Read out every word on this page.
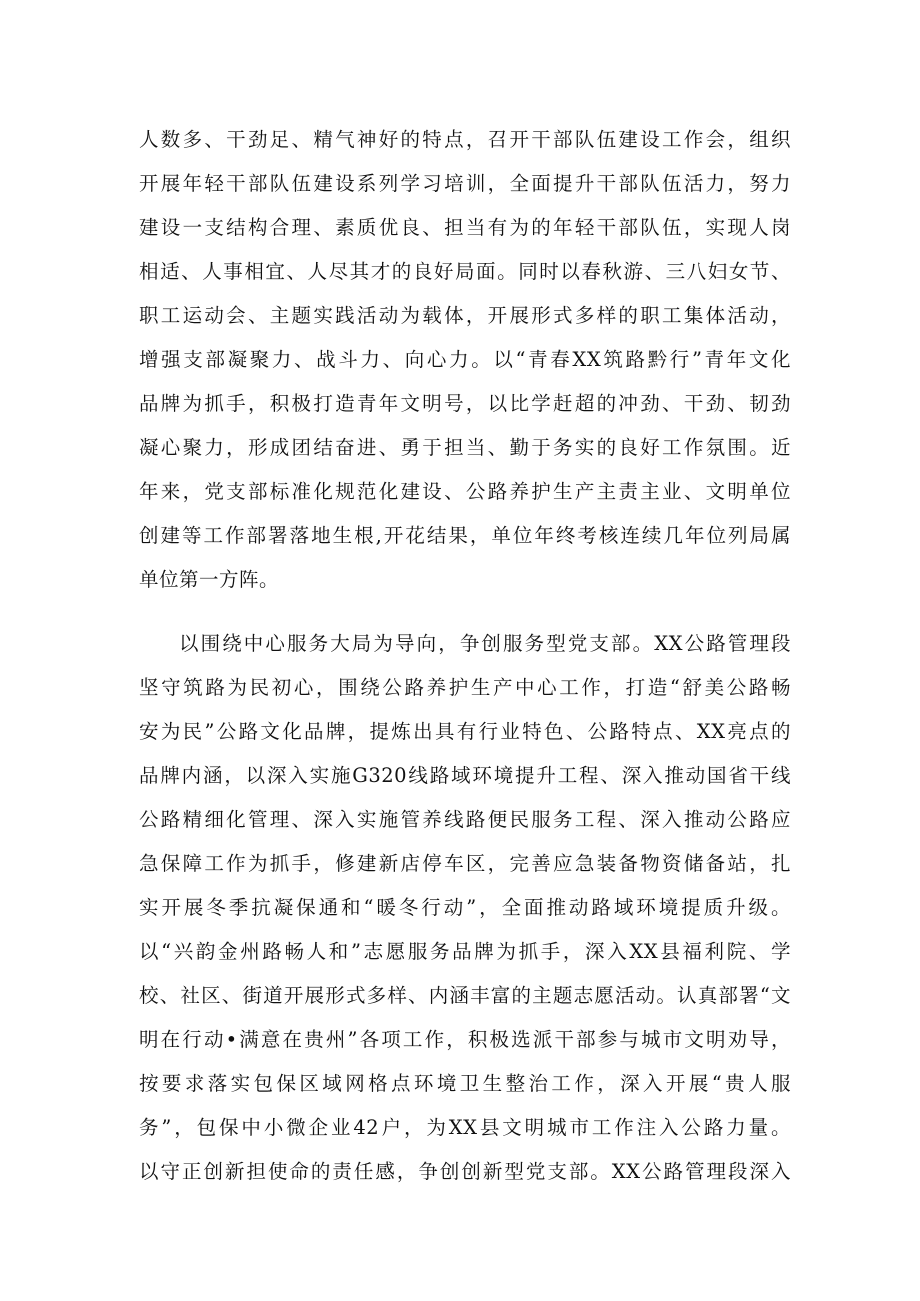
人数多、干劲足、精气神好的特点，召开干部队伍建设工作会，组织
开展年轻干部队伍建设系列学习培训，全面提升干部队伍活力，努力
建设一支结构合理、素质优良、担当有为的年轻干部队伍，实现人岗
相适、人事相宜、人尽其才的良好局面。同时以春秋游、三八妇女节、
职工运动会、主题实践活动为载体，开展形式多样的职工集体活动，
增强支部凝聚力、战斗力、向心力。以“青春XX筑路黔行”青年文化
品牌为抓手，积极打造青年文明号，以比学赶超的冲劲、干劲、韧劲
凝心聚力，形成团结奋进、勇于担当、勤于务实的良好工作氛围。近
年来，党支部标准化规范化建设、公路养护生产主责主业、文明单位
创建等工作部署落地生根,开花结果，单位年终考核连续几年位列局属
单位第一方阵。
以围绕中心服务大局为导向，争创服务型党支部。XX公路管理段
坚守筑路为民初心，围绕公路养护生产中心工作，打造“舒美公路畅
安为民”公路文化品牌，提炼出具有行业特色、公路特点、XX亮点的
品牌内涵，以深入实施G320线路域环境提升工程、深入推动国省干线
公路精细化管理、深入实施管养线路便民服务工程、深入推动公路应
急保障工作为抓手，修建新店停车区，完善应急装备物资储备站，扎
实开展冬季抗凝保通和“暖冬行动”，全面推动路域环境提质升级。
以“兴韵金州路畅人和”志愿服务品牌为抓手，深入XX县福利院、学
校、社区、街道开展形式多样、内涵丰富的主题志愿活动。认真部署“文
明在行动•满意在贵州”各项工作，积极选派干部参与城市文明劝导，
按要求落实包保区域网格点环境卫生整治工作，深入开展“贵人服
务”，包保中小微企业42户，为XX县文明城市工作注入公路力量。
以守正创新担使命的责任感，争创创新型党支部。XX公路管理段深入
